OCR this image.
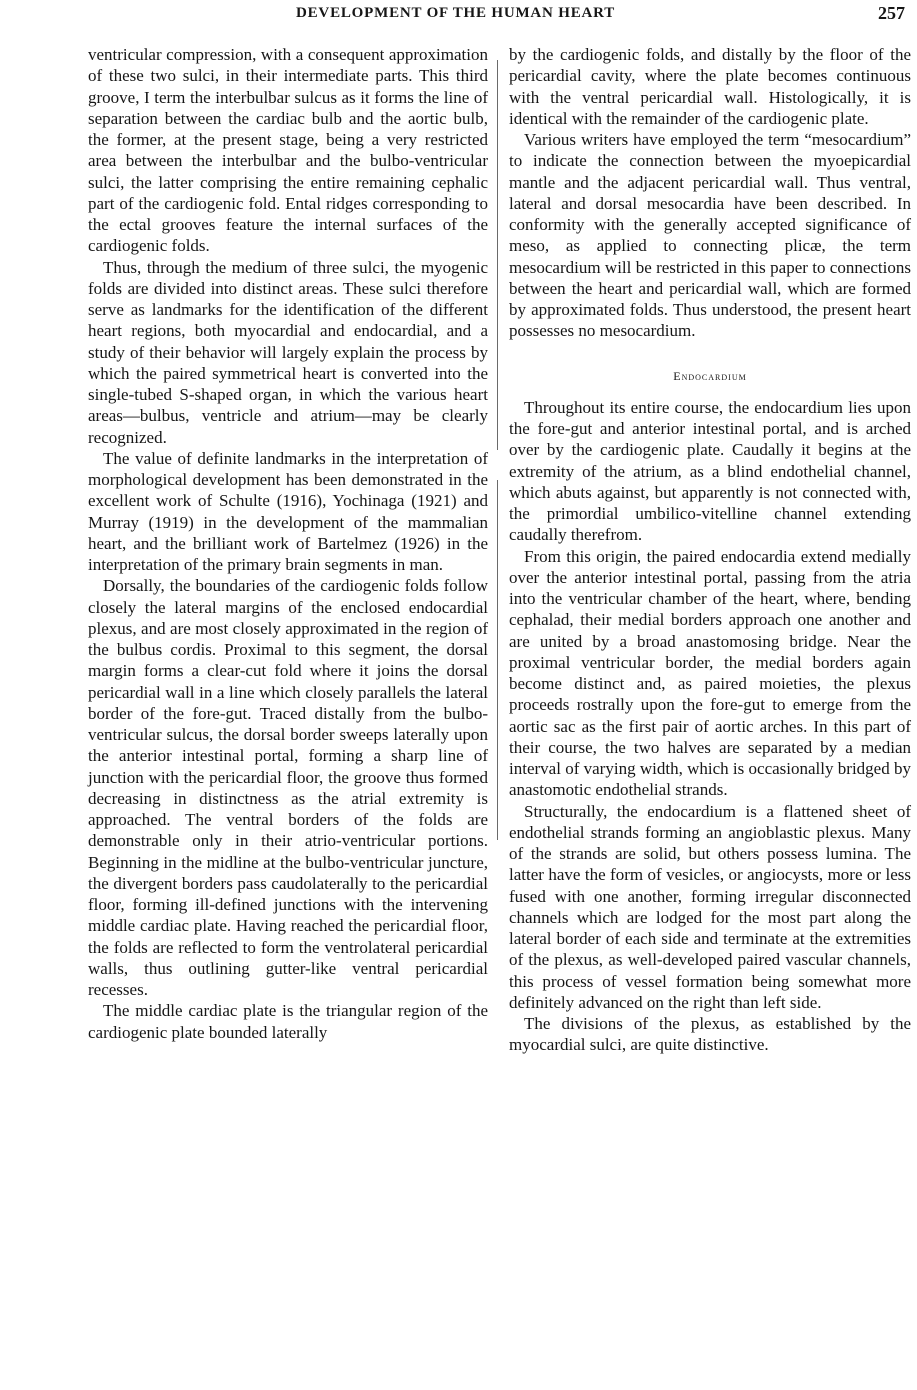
DEVELOPMENT OF THE HUMAN HEART	257

ventricular compression, with a consequent approximation of these two sulci, in their intermediate parts. This third groove, I term the interbulbar sulcus as it forms the line of separation between the cardiac bulb and the aortic bulb, the former, at the present stage, being a very restricted area between the interbulbar and the bulbo-ventricular sulci, the latter comprising the entire remaining cephalic part of the cardiogenic fold. Ental ridges corresponding to the ectal grooves feature the internal surfaces of the cardiogenic folds.

Thus, through the medium of three sulci, the myogenic folds are divided into distinct areas. These sulci therefore serve as landmarks for the identification of the different heart regions, both myocardial and endocardial, and a study of their behavior will largely explain the process by which the paired symmetrical heart is converted into the single-tubed S-shaped organ, in which the various heart areas—bulbus, ventricle and atrium—may be clearly recognized.

The value of definite landmarks in the interpretation of morphological development has been demonstrated in the excellent work of Schulte (1916), Yochinaga (1921) and Murray (1919) in the development of the mammalian heart, and the brilliant work of Bartelmez (1926) in the interpretation of the primary brain segments in man.

Dorsally, the boundaries of the cardiogenic folds follow closely the lateral margins of the enclosed endocardial plexus, and are most closely approximated in the region of the bulbus cordis. Proximal to this segment, the dorsal margin forms a clear-cut fold where it joins the dorsal pericardial wall in a line which closely parallels the lateral border of the fore-gut. Traced distally from the bulbo-ventricular sulcus, the dorsal border sweeps laterally upon the anterior intestinal portal, forming a sharp line of junction with the pericardial floor, the groove thus formed decreasing in distinctness as the atrial extremity is approached. The ventral borders of the folds are demonstrable only in their atrio-ventricular portions. Beginning in the midline at the bulbo-ventricular juncture, the divergent borders pass caudolaterally to the pericardial floor, forming ill-defined junctions with the intervening middle cardiac plate. Having reached the pericardial floor, the folds are reflected to form the ventrolateral pericardial walls, thus outlining gutter-like ventral pericardial recesses.

The middle cardiac plate is the triangular region of the cardiogenic plate bounded laterally

by the cardiogenic folds, and distally by the floor of the pericardial cavity, where the plate becomes continuous with the ventral pericardial wall. Histologically, it is identical with the remainder of the cardiogenic plate.

Various writers have employed the term “mesocardium” to indicate the connection between the myoepicardial mantle and the adjacent pericardial wall. Thus ventral, lateral and dorsal mesocardia have been described. In conformity with the generally accepted significance of meso, as applied to connecting plicæ, the term mesocardium will be restricted in this paper to connections between the heart and pericardial wall, which are formed by approximated folds. Thus understood, the present heart possesses no mesocardium.

Endocardium

Throughout its entire course, the endocardium lies upon the fore-gut and anterior intestinal portal, and is arched over by the cardiogenic plate. Caudally it begins at the extremity of the atrium, as a blind endothelial channel, which abuts against, but apparently is not connected with, the primordial umbilico-vitelline channel extending caudally therefrom.

From this origin, the paired endocardia extend medially over the anterior intestinal portal, passing from the atria into the ventricular chamber of the heart, where, bending cephalad, their medial borders approach one another and are united by a broad anastomosing bridge. Near the proximal ventricular border, the medial borders again become distinct and, as paired moieties, the plexus proceeds rostrally upon the fore-gut to emerge from the aortic sac as the first pair of aortic arches. In this part of their course, the two halves are separated by a median interval of varying width, which is occasionally bridged by anastomotic endothelial strands.

Structurally, the endocardium is a flattened sheet of endothelial strands forming an angioblastic plexus. Many of the strands are solid, but others possess lumina. The latter have the form of vesicles, or angiocysts, more or less fused with one another, forming irregular disconnected channels which are lodged for the most part along the lateral border of each side and terminate at the extremities of the plexus, as well-developed paired vascular channels, this process of vessel formation being somewhat more definitely advanced on the right than left side.

The divisions of the plexus, as established by the myocardial sulci, are quite distinctive.
